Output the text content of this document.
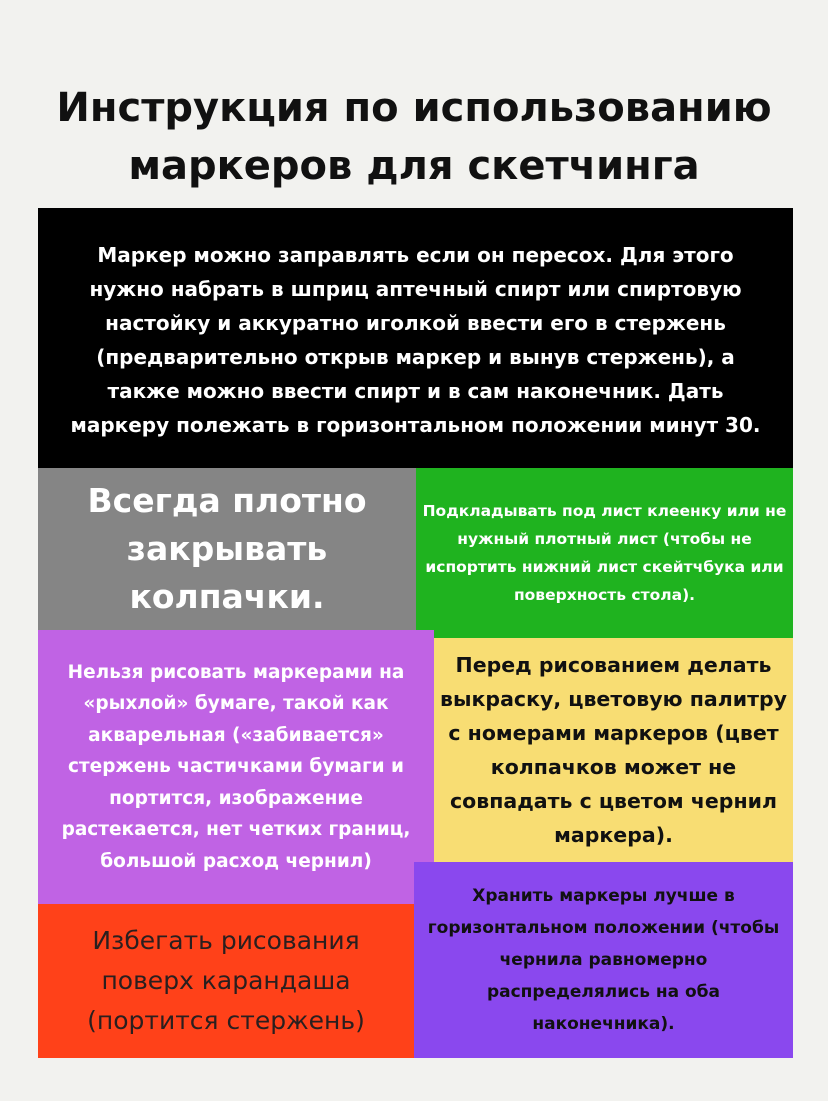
Инструкция по использованию
маркеров для скетчинга
Маркер можно заправлять если он пересох. Для этого нужно набрать в шприц аптечный спирт или спиртовую настойку и аккуратно иголкой ввести его в стержень (предварительно открыв маркер и вынув стержень), а также можно ввести спирт и в сам наконечник. Дать маркеру полежать в горизонтальном положении минут 30.
Всегда плотно закрывать колпачки.
Подкладывать под лист клеенку или не нужный плотный лист (чтобы не испортить нижний лист скейтчбука или поверхность стола).
Нельзя рисовать маркерами на «рыхлой» бумаге, такой как акварельная («забивается» стержень частичками бумаги и портится, изображение растекается, нет четких границ, большой расход чернил)
Перед рисованием делать выкраску, цветовую палитру с номерами маркеров (цвет колпачков может не совпадать с цветом чернил маркера).
Хранить маркеры лучше в горизонтальном положении (чтобы чернила равномерно распределялись на оба наконечника).
Избегать рисования поверх карандаша (портится стержень)
